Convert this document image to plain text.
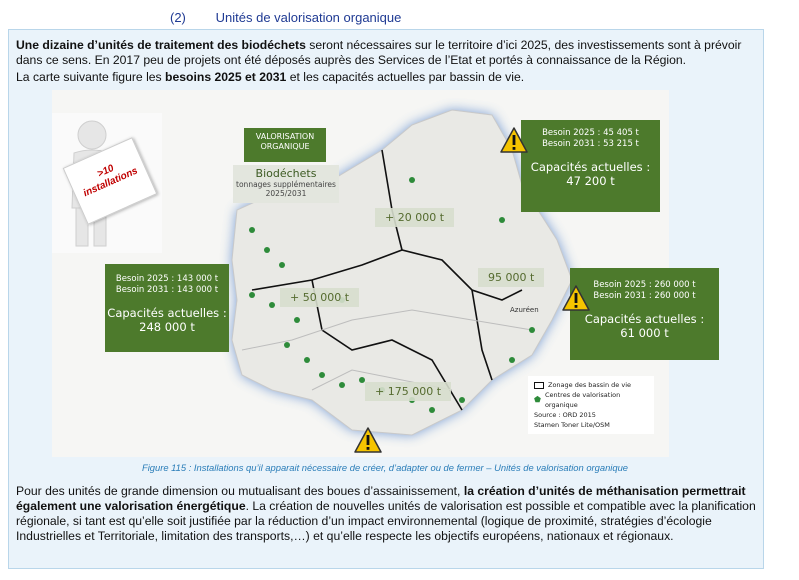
(2) Unités de valorisation organique
Une dizaine d’unités de traitement des biodéchets seront nécessaires sur le territoire d’ici 2025, des investissements sont à prévoir dans ce sens. En 2017 peu de projets ont été déposés auprès des Services de l’Etat et portés à connaissance de la Région.
La carte suivante figure les besoins 2025 et 2031 et les capacités actuelles par bassin de vie.
>10 installations
VALORISATION ORGANIQUE
Biodéchets
tonnages supplémentaires 2025/2031
+ 20 000 t
+ 50 000 t
95 000 t
+ 175 000 t
Azuréen
Besoin 2025 : 45 405 t
Besoin 2031 : 53 215 t
Capacités actuelles :
47 200 t
Besoin 2025 : 143 000 t
Besoin 2031 : 143 000 t
Capacités actuelles :
248 000 t
Besoin 2025 : 260 000 t
Besoin 2031 : 260 000 t
Capacités actuelles :
61 000 t
Zonage des bassin de vie
⬟ Centres de valorisation organique
Source : ORD 2015
Stamen Toner Lite/OSM
Figure 115 : Installations qu’il apparait nécessaire de créer, d’adapter ou de fermer – Unités de valorisation organique
Pour des unités de grande dimension ou mutualisant des boues d’assainissement, la création d’unités de méthanisation permettrait également une valorisation énergétique. La création de nouvelles unités de valorisation est possible et compatible avec la planification régionale, si tant est qu’elle soit justifiée par la réduction d’un impact environnemental (logique de proximité, stratégies d’écologie Industrielles et Territoriale, limitation des transports,…) et qu’elle respecte les objectifs européens, nationaux et régionaux.
